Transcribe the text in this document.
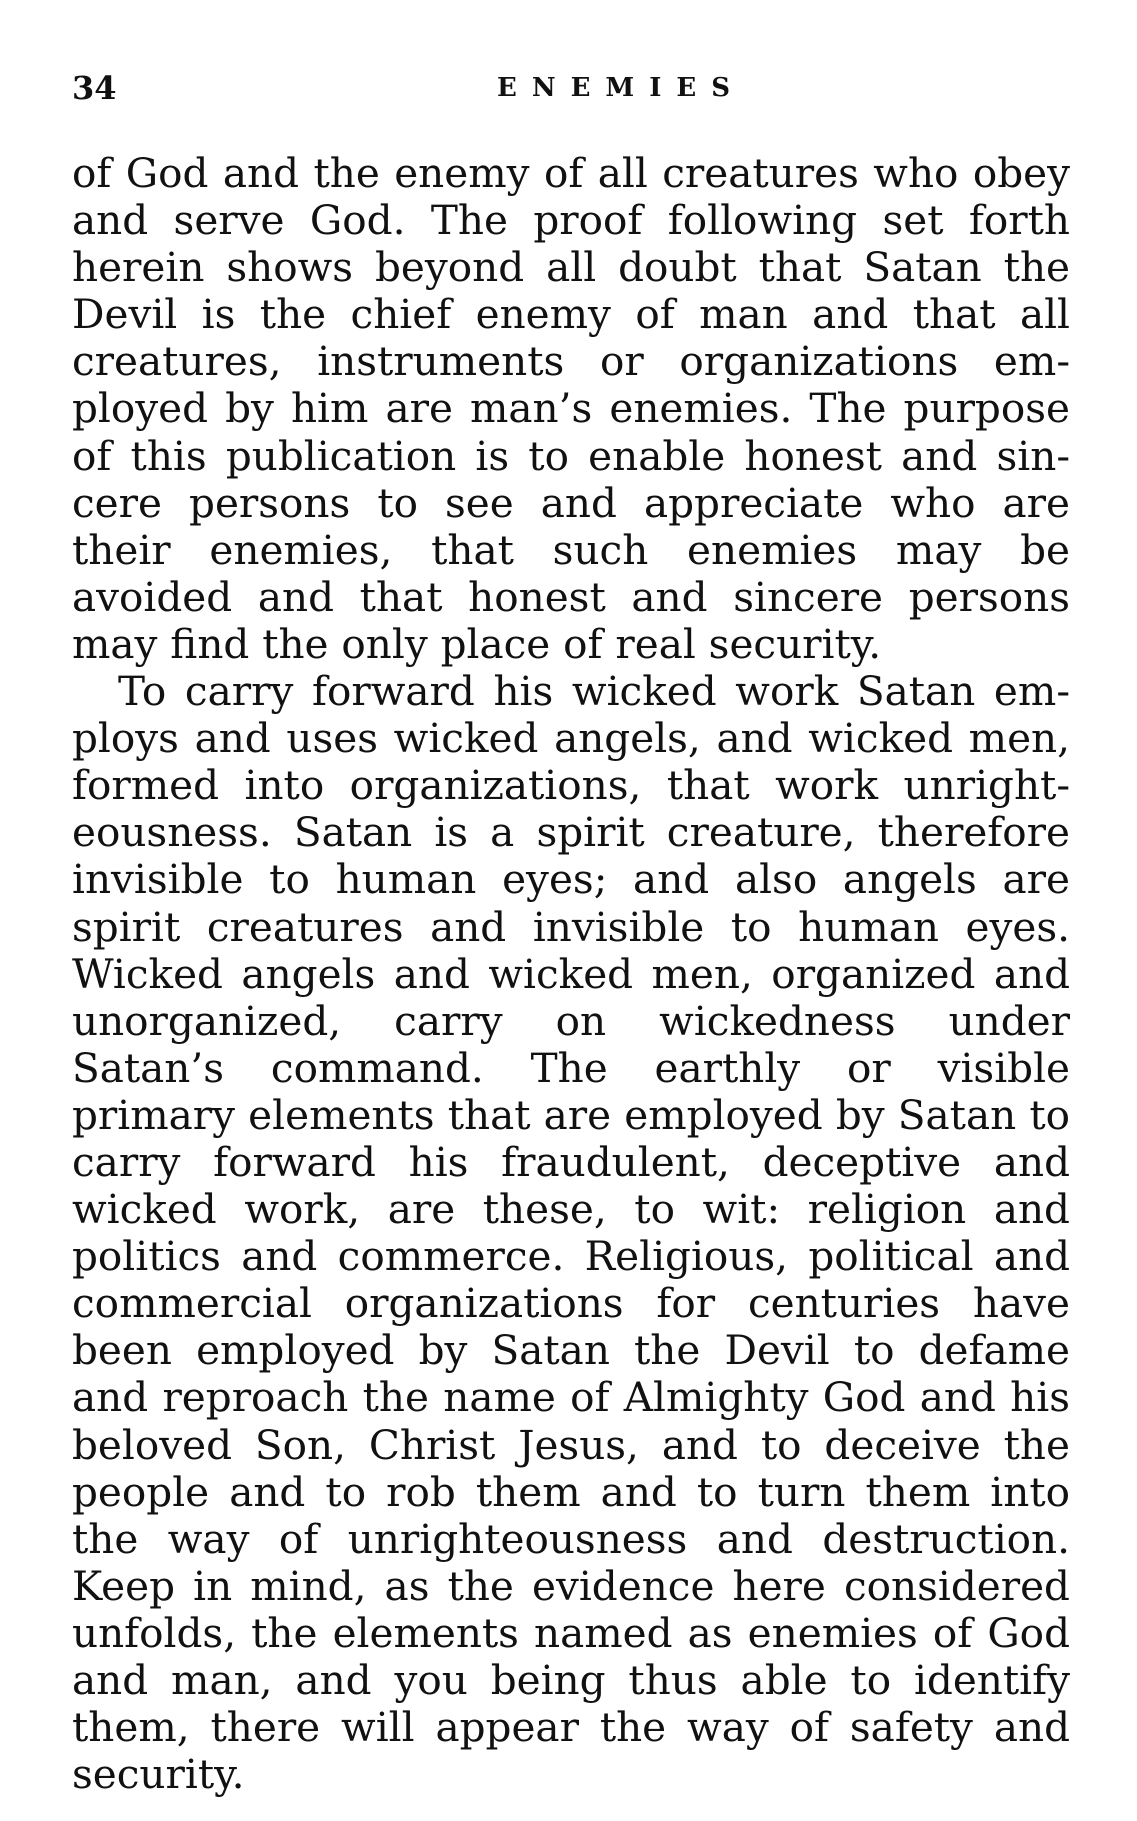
34	ENEMIES

of God and the enemy of all creatures who obey and serve God. The proof following set forth herein shows beyond all doubt that Satan the Devil is the chief enemy of man and that all creatures, instruments or organizations employed by him are man’s enemies. The purpose of this publication is to enable honest and sincere persons to see and appreciate who are their enemies, that such enemies may be avoided and that honest and sincere persons may find the only place of real security.

To carry forward his wicked work Satan employs and uses wicked angels, and wicked men, formed into organizations, that work unrighteousness. Satan is a spirit creature, therefore invisible to human eyes; and also angels are spirit creatures and invisible to human eyes. Wicked angels and wicked men, organized and unorganized, carry on wickedness under Satan’s command. The earthly or visible primary elements that are employed by Satan to carry forward his fraudulent, deceptive and wicked work, are these, to wit: religion and politics and commerce. Religious, political and commercial organizations for centuries have been employed by Satan the Devil to defame and reproach the name of Almighty God and his beloved Son, Christ Jesus, and to deceive the people and to rob them and to turn them into the way of unrighteousness and destruction. Keep in mind, as the evidence here considered unfolds, the elements named as enemies of God and man, and you being thus able to identify them, there will appear the way of safety and security.
